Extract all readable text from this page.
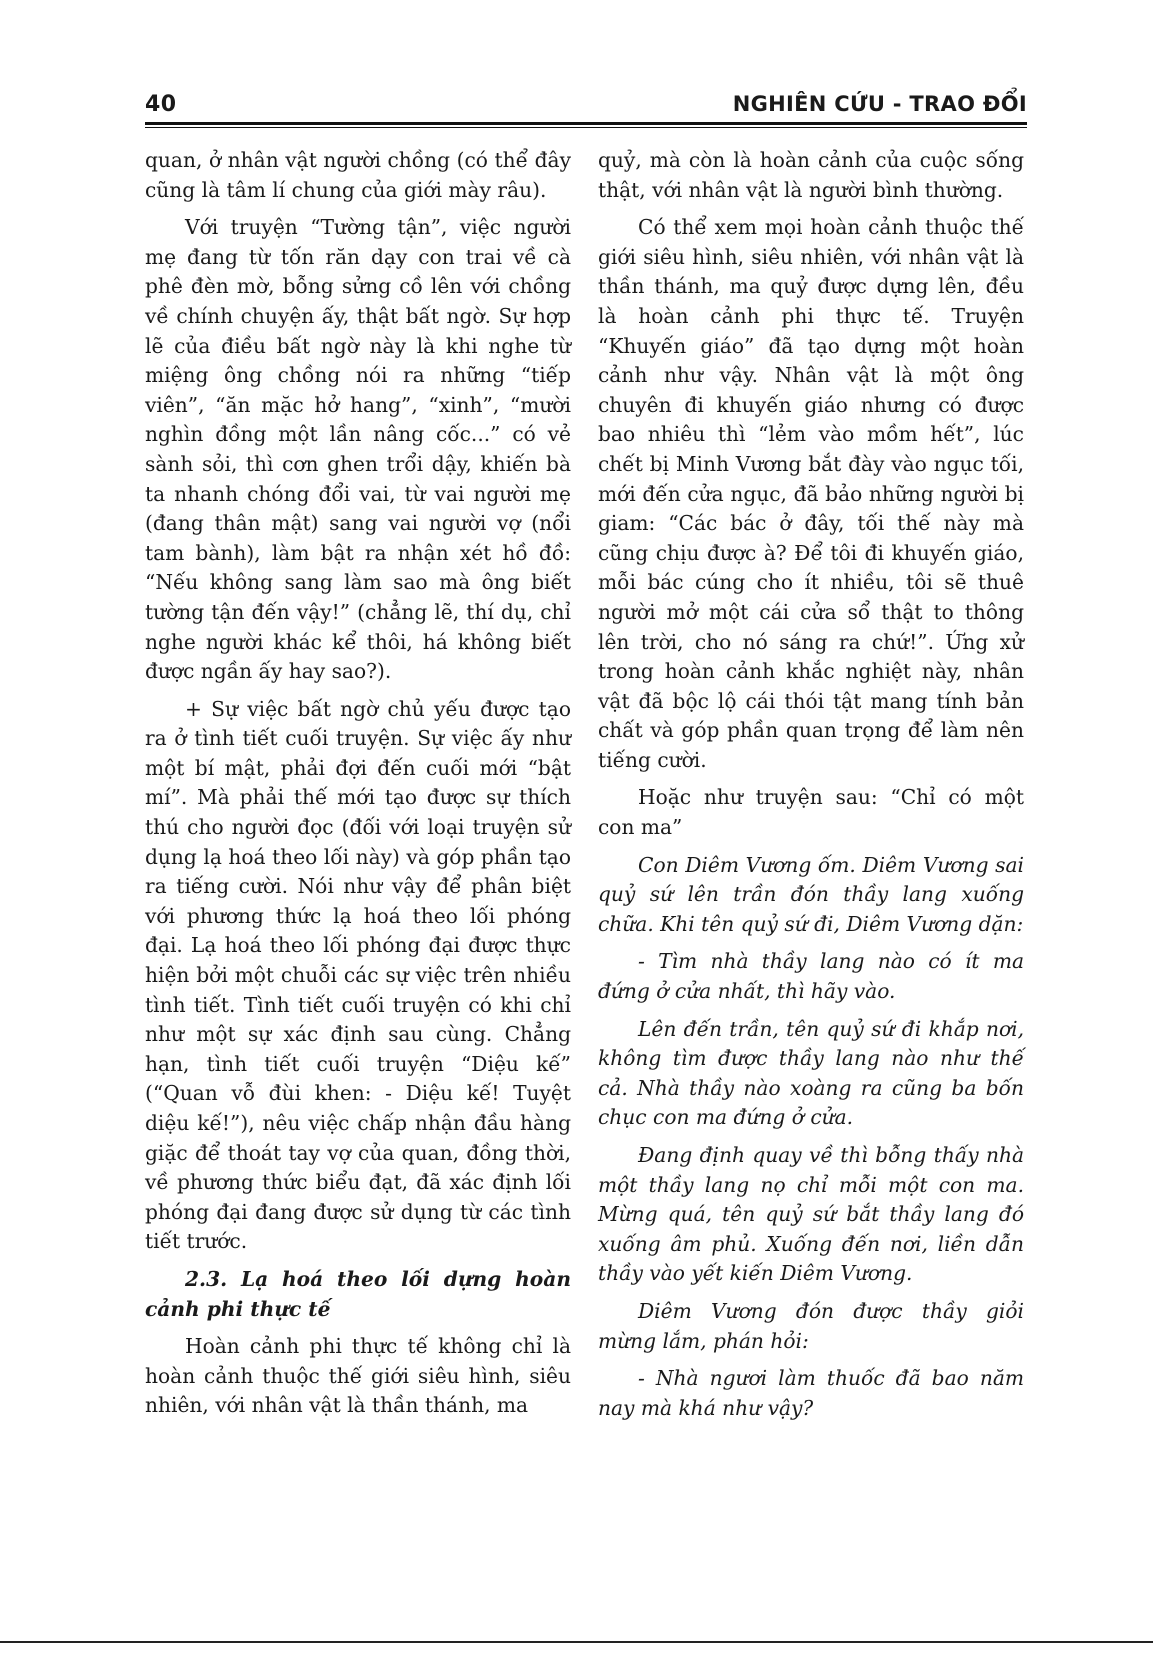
40	NGHIÊN CỨU - TRAO ĐỔI

quan, ở nhân vật người chồng (có thể đây cũng là tâm lí chung của giới mày râu).

Với truyện “Tường tận”, việc người mẹ đang từ tốn răn dạy con trai về cà phê đèn mờ, bỗng sửng cồ lên với chồng về chính chuyện ấy, thật bất ngờ. Sự hợp lẽ của điều bất ngờ này là khi nghe từ miệng ông chồng nói ra những “tiếp viên”, “ăn mặc hở hang”, “xinh”, “mười nghìn đồng một lần nâng cốc...” có vẻ sành sỏi, thì cơn ghen trổi dậy, khiến bà ta nhanh chóng đổi vai, từ vai người mẹ (đang thân mật) sang vai người vợ (nổi tam bành), làm bật ra nhận xét hồ đồ: “Nếu không sang làm sao mà ông biết tường tận đến vậy!” (chẳng lẽ, thí dụ, chỉ nghe người khác kể thôi, há không biết được ngần ấy hay sao?).

+ Sự việc bất ngờ chủ yếu được tạo ra ở tình tiết cuối truyện. Sự việc ấy như một bí mật, phải đợi đến cuối mới “bật mí”. Mà phải thế mới tạo được sự thích thú cho người đọc (đối với loại truyện sử dụng lạ hoá theo lối này) và góp phần tạo ra tiếng cười. Nói như vậy để phân biệt với phương thức lạ hoá theo lối phóng đại. Lạ hoá theo lối phóng đại được thực hiện bởi một chuỗi các sự việc trên nhiều tình tiết. Tình tiết cuối truyện có khi chỉ như một sự xác định sau cùng. Chẳng hạn, tình tiết cuối truyện “Diệu kế” (“Quan vỗ đùi khen: - Diệu kế! Tuyệt diệu kế!”), nêu việc chấp nhận đầu hàng giặc để thoát tay vợ của quan, đồng thời, về phương thức biểu đạt, đã xác định lối phóng đại đang được sử dụng từ các tình tiết trước.

2.3. Lạ hoá theo lối dựng hoàn cảnh phi thực tế

Hoàn cảnh phi thực tế không chỉ là hoàn cảnh thuộc thế giới siêu hình, siêu nhiên, với nhân vật là thần thánh, ma

quỷ, mà còn là hoàn cảnh của cuộc sống thật, với nhân vật là người bình thường.

Có thể xem mọi hoàn cảnh thuộc thế giới siêu hình, siêu nhiên, với nhân vật là thần thánh, ma quỷ được dựng lên, đều là hoàn cảnh phi thực tế. Truyện “Khuyến giáo” đã tạo dựng một hoàn cảnh như vậy. Nhân vật là một ông chuyên đi khuyến giáo nhưng có được bao nhiêu thì “lẻm vào mồm hết”, lúc chết bị Minh Vương bắt đày vào ngục tối, mới đến cửa ngục, đã bảo những người bị giam: “Các bác ở đây, tối thế này mà cũng chịu được à? Để tôi đi khuyến giáo, mỗi bác cúng cho ít nhiều, tôi sẽ thuê người mở một cái cửa sổ thật to thông lên trời, cho nó sáng ra chứ!”. Ứng xử trong hoàn cảnh khắc nghiệt này, nhân vật đã bộc lộ cái thói tật mang tính bản chất và góp phần quan trọng để làm nên tiếng cười.

Hoặc như truyện sau: “Chỉ có một con ma”

Con Diêm Vương ốm. Diêm Vương sai quỷ sứ lên trần đón thầy lang xuống chữa. Khi tên quỷ sứ đi, Diêm Vương dặn:

- Tìm nhà thầy lang nào có ít ma đứng ở cửa nhất, thì hãy vào.

Lên đến trần, tên quỷ sứ đi khắp nơi, không tìm được thầy lang nào như thế cả. Nhà thầy nào xoàng ra cũng ba bốn chục con ma đứng ở cửa.

Đang định quay về thì bỗng thấy nhà một thầy lang nọ chỉ mỗi một con ma. Mừng quá, tên quỷ sứ bắt thầy lang đó xuống âm phủ. Xuống đến nơi, liền dẫn thầy vào yết kiến Diêm Vương.

Diêm Vương đón được thầy giỏi mừng lắm, phán hỏi:

- Nhà ngươi làm thuốc đã bao năm nay mà khá như vậy?
